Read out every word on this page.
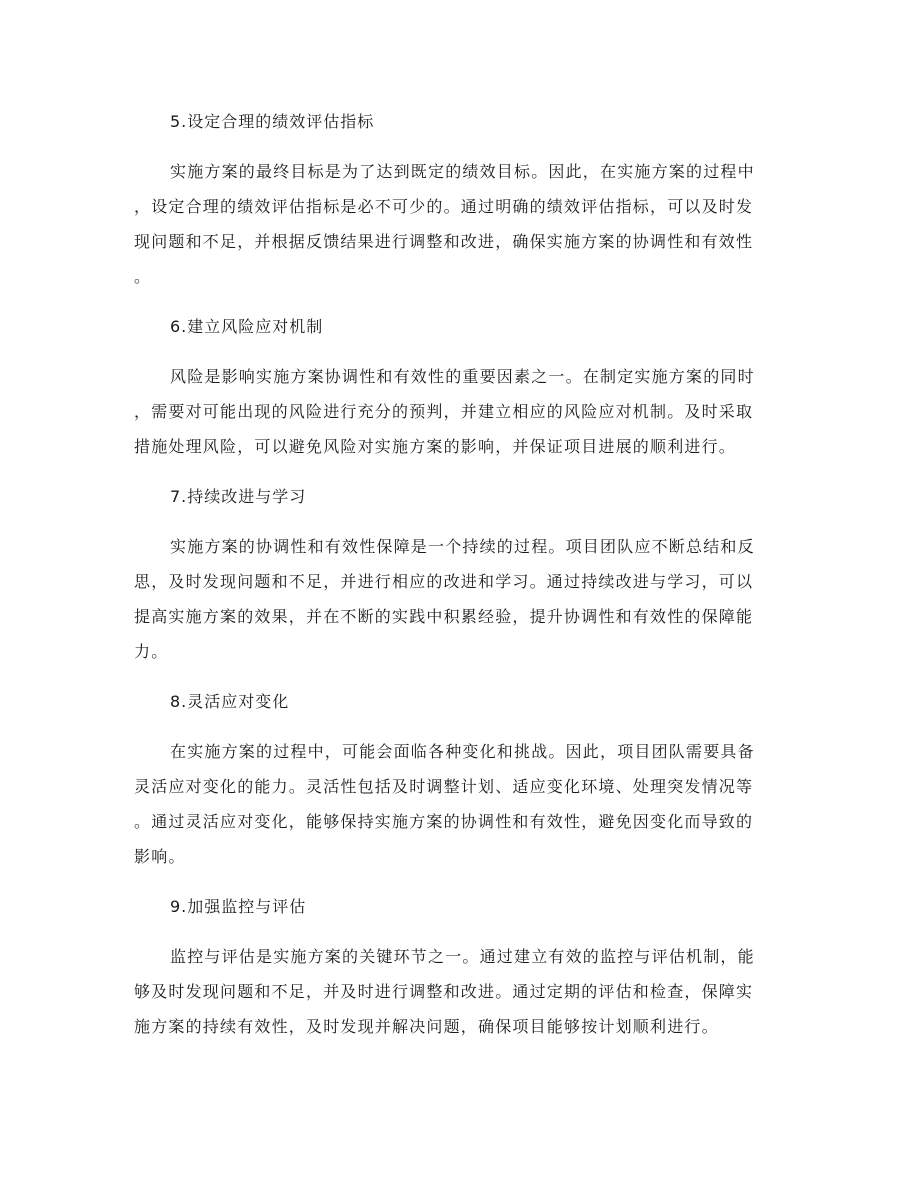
5.设定合理的绩效评估指标
实施方案的最终目标是为了达到既定的绩效目标。因此，在实施方案的过程中
，设定合理的绩效评估指标是必不可少的。通过明确的绩效评估指标，可以及时发
现问题和不足，并根据反馈结果进行调整和改进，确保实施方案的协调性和有效性
。
6.建立风险应对机制
风险是影响实施方案协调性和有效性的重要因素之一。在制定实施方案的同时
，需要对可能出现的风险进行充分的预判，并建立相应的风险应对机制。及时采取
措施处理风险，可以避免风险对实施方案的影响，并保证项目进展的顺利进行。
7.持续改进与学习
实施方案的协调性和有效性保障是一个持续的过程。项目团队应不断总结和反
思，及时发现问题和不足，并进行相应的改进和学习。通过持续改进与学习，可以
提高实施方案的效果，并在不断的实践中积累经验，提升协调性和有效性的保障能
力。
8.灵活应对变化
在实施方案的过程中，可能会面临各种变化和挑战。因此，项目团队需要具备
灵活应对变化的能力。灵活性包括及时调整计划、适应变化环境、处理突发情况等
。通过灵活应对变化，能够保持实施方案的协调性和有效性，避免因变化而导致的
影响。
9.加强监控与评估
监控与评估是实施方案的关键环节之一。通过建立有效的监控与评估机制，能
够及时发现问题和不足，并及时进行调整和改进。通过定期的评估和检查，保障实
施方案的持续有效性，及时发现并解决问题，确保项目能够按计划顺利进行。
